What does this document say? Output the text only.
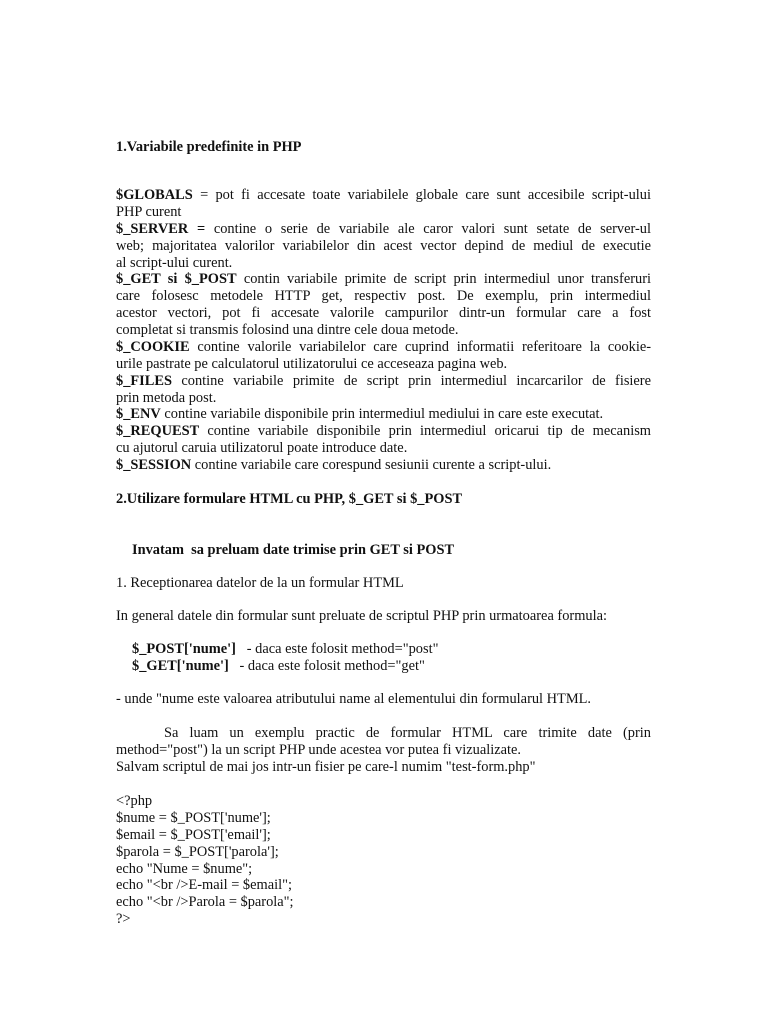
1.Variabile predefinite in PHP
$GLOBALS = pot fi accesate toate variabilele globale care sunt accesibile script-ului
PHP curent
$_SERVER = contine o serie de variabile ale caror valori sunt setate de server-ul
web; majoritatea valorilor variabilelor din acest vector depind de mediul de executie
al script-ului curent.
$_GET si $_POST contin variabile primite de script prin intermediul unor transferuri
care folosesc metodele HTTP get, respectiv post. De exemplu, prin intermediul
acestor vectori, pot fi accesate valorile campurilor dintr-un formular care a fost
completat si transmis folosind una dintre cele doua metode.
$_COOKIE contine valorile variabilelor care cuprind informatii referitoare la cookie-
urile pastrate pe calculatorul utilizatorului ce acceseaza pagina web.
$_FILES contine variabile primite de script prin intermediul incarcarilor de fisiere
prin metoda post.
$_ENV contine variabile disponibile prin intermediul mediului in care este executat.
$_REQUEST contine variabile disponibile prin intermediul oricarui tip de mecanism
cu ajutorul caruia utilizatorul poate introduce date.
$_SESSION contine variabile care corespund sesiunii curente a script-ului.
2.Utilizare formulare HTML cu PHP, $_GET si $_POST
Invatam  sa preluam date trimise prin GET si POST
1. Receptionarea datelor de la un formular HTML
In general datele din formular sunt preluate de scriptul PHP prin urmatoarea formula:
$_POST['nume']   - daca este folosit method="post"
$_GET['nume']   - daca este folosit method="get"
- unde "nume este valoarea atributului name al elementului din formularul HTML.
Sa luam un exemplu practic de formular HTML care trimite date (prin
method="post") la un script PHP unde acestea vor putea fi vizualizate.
Salvam scriptul de mai jos intr-un fisier pe care-l numim "test-form.php"
<?php
$nume = $_POST['nume'];
$email = $_POST['email'];
$parola = $_POST['parola'];
echo "Nume = $nume";
echo "<br />E-mail = $email";
echo "<br />Parola = $parola";
?>
